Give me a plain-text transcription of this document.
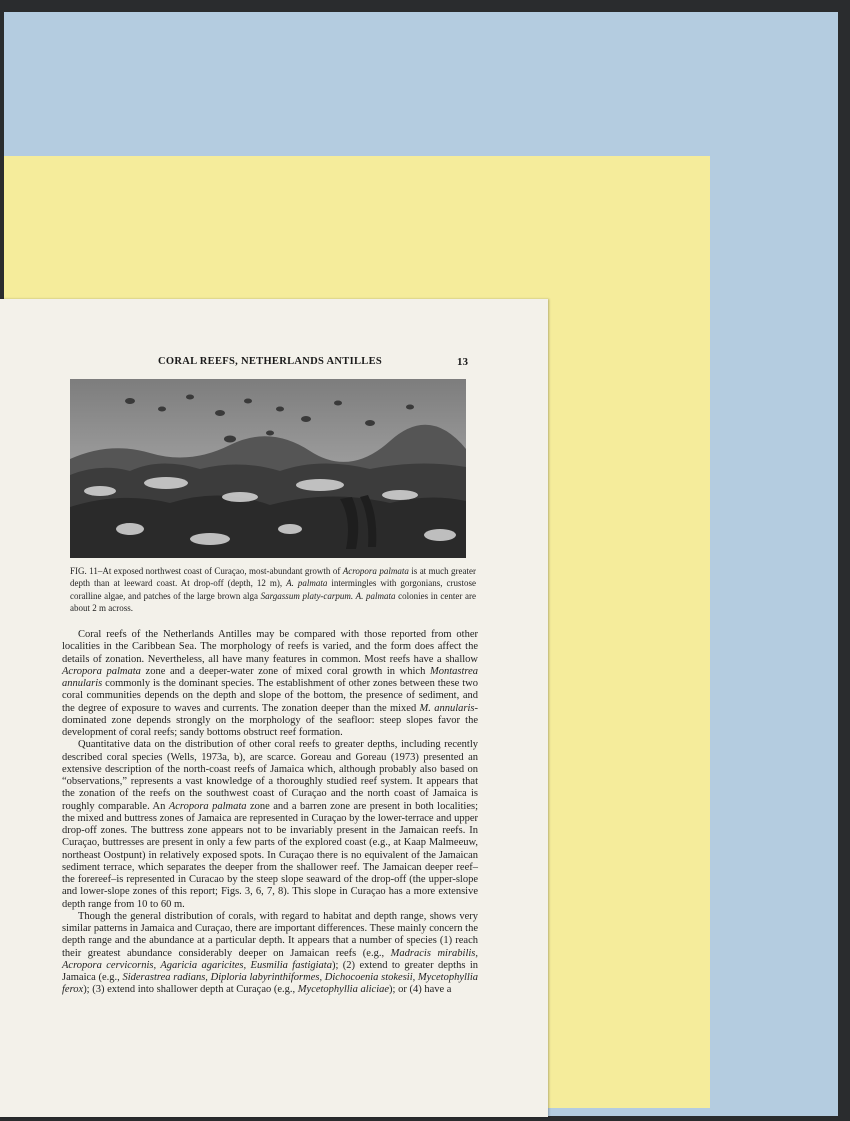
CORAL REEFS, NETHERLANDS ANTILLES	13
FIG. 11–At exposed northwest coast of Curaçao, most-abundant growth of Acropora palmata is at much greater depth than at leeward coast. At drop-off (depth, 12 m), A. palmata intermingles with gorgonians, crustose coralline algae, and patches of the large brown alga Sargassum platy-carpum. A. palmata colonies in center are about 2 m across.

Coral reefs of the Netherlands Antilles may be compared with those reported from other localities in the Caribbean Sea. The morphology of reefs is varied, and the form does affect the details of zonation. Nevertheless, all have many features in common. Most reefs have a shallow Acropora palmata zone and a deeper-water zone of mixed coral growth in which Montastrea annularis commonly is the dominant species. The establishment of other zones between these two coral communities depends on the depth and slope of the bottom, the presence of sediment, and the degree of exposure to waves and currents. The zonation deeper than the mixed M. annularis-dominated zone depends strongly on the morphology of the seafloor: steep slopes favor the development of coral reefs; sandy bottoms obstruct reef formation.

Quantitative data on the distribution of other coral reefs to greater depths, including recently described coral species (Wells, 1973a, b), are scarce. Goreau and Goreau (1973) presented an extensive description of the north-coast reefs of Jamaica which, although probably also based on “observations,” represents a vast knowledge of a thoroughly studied reef system. It appears that the zonation of the reefs on the southwest coast of Curaçao and the north coast of Jamaica is roughly comparable. An Acropora palmata zone and a barren zone are present in both localities; the mixed and buttress zones of Jamaica are represented in Curaçao by the lower-terrace and upper drop-off zones. The buttress zone appears not to be invariably present in the Jamaican reefs. In Curaçao, buttresses are present in only a few parts of the explored coast (e.g., at Kaap Malmeeuw, northeast Oostpunt) in relatively exposed spots. In Curaçao there is no equivalent of the Jamaican sediment terrace, which separates the deeper from the shallower reef. The Jamaican deeper reef–the forereef–is represented in Curacao by the steep slope seaward of the drop-off (the upper-slope and lower-slope zones of this report; Figs. 3, 6, 7, 8). This slope in Curaçao has a more extensive depth range from 10 to 60 m.

Though the general distribution of corals, with regard to habitat and depth range, shows very similar patterns in Jamaica and Curaçao, there are important differences. These mainly concern the depth range and the abundance at a particular depth. It appears that a number of species (1) reach their greatest abundance considerably deeper on Jamaican reefs (e.g., Madracis mirabilis, Acropora cervicornis, Agaricia agaricites, Eusmilia fastigiata); (2) extend to greater depths in Jamaica (e.g., Siderastrea radians, Diploria labyrinthiformes, Dichocoenia stokesii, Mycetophyllia ferox); (3) extend into shallower depth at Curaçao (e.g., Mycetophyllia aliciae); or (4) have a
